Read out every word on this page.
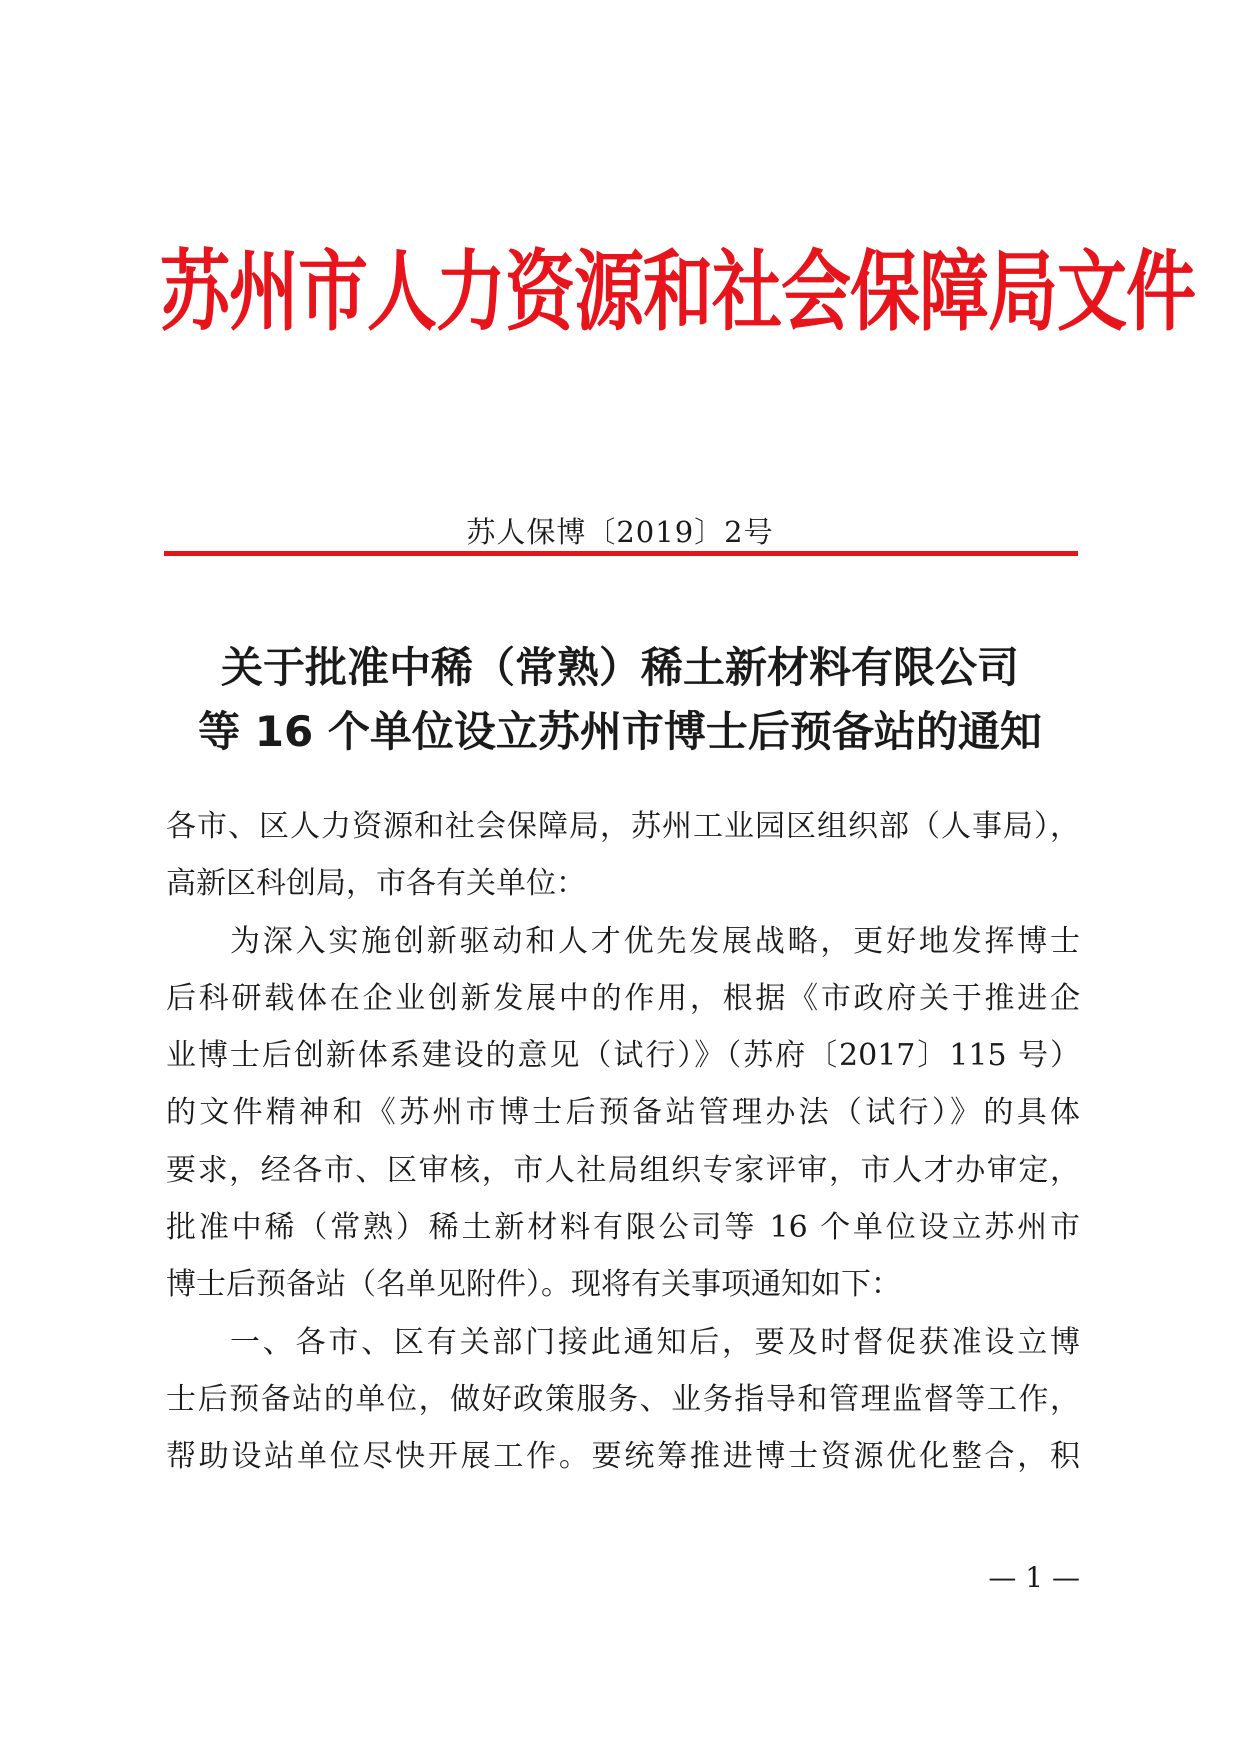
苏州市人力资源和社会保障局文件
苏人保博〔2019〕2号
关于批准中稀（常熟）稀土新材料有限公司
等 16 个单位设立苏州市博士后预备站的通知
各市、区人力资源和社会保障局，苏州工业园区组织部（人事局），
高新区科创局，市各有关单位：
为深入实施创新驱动和人才优先发展战略，更好地发挥博士
后科研载体在企业创新发展中的作用，根据《市政府关于推进企
业博士后创新体系建设的意见（试行）》（苏府〔2017〕115 号）
的文件精神和《苏州市博士后预备站管理办法（试行）》的具体
要求，经各市、区审核，市人社局组织专家评审，市人才办审定，
批准中稀（常熟）稀土新材料有限公司等 16 个单位设立苏州市
博士后预备站（名单见附件）。现将有关事项通知如下：
一、各市、区有关部门接此通知后，要及时督促获准设立博
士后预备站的单位，做好政策服务、业务指导和管理监督等工作，
帮助设站单位尽快开展工作。要统筹推进博士资源优化整合，积
— 1 —
